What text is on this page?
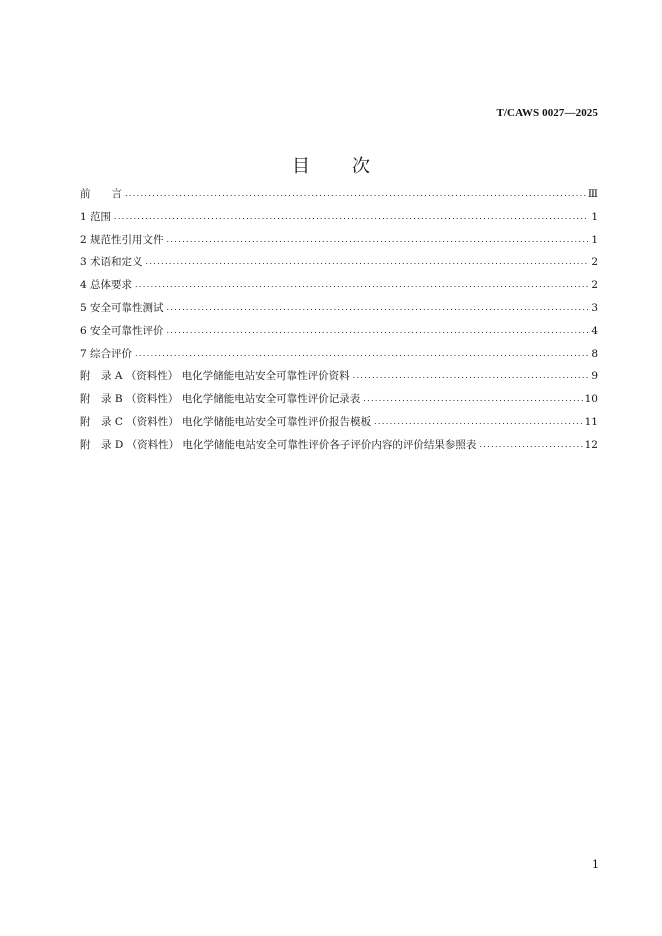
T/CAWS 0027—2025
目 次
前　　言 . . .	Ⅲ
1 范围 . . .	1
2 规范性引用文件 . . .	1
3 术语和定义 . . .	2
4 总体要求 . . .	2
5 安全可靠性测试 . . .	3
6 安全可靠性评价 . . .	4
7 综合评价 . . .	8
附　录 A （资料性） 电化学储能电站安全可靠性评价资料 . . .	9
附　录 B （资料性） 电化学储能电站安全可靠性评价记录表 . . .	10
附　录 C （资料性） 电化学储能电站安全可靠性评价报告模板 . . .	11
附　录 D （资料性） 电化学储能电站安全可靠性评价各子评价内容的评价结果参照表 . . .	12
1
